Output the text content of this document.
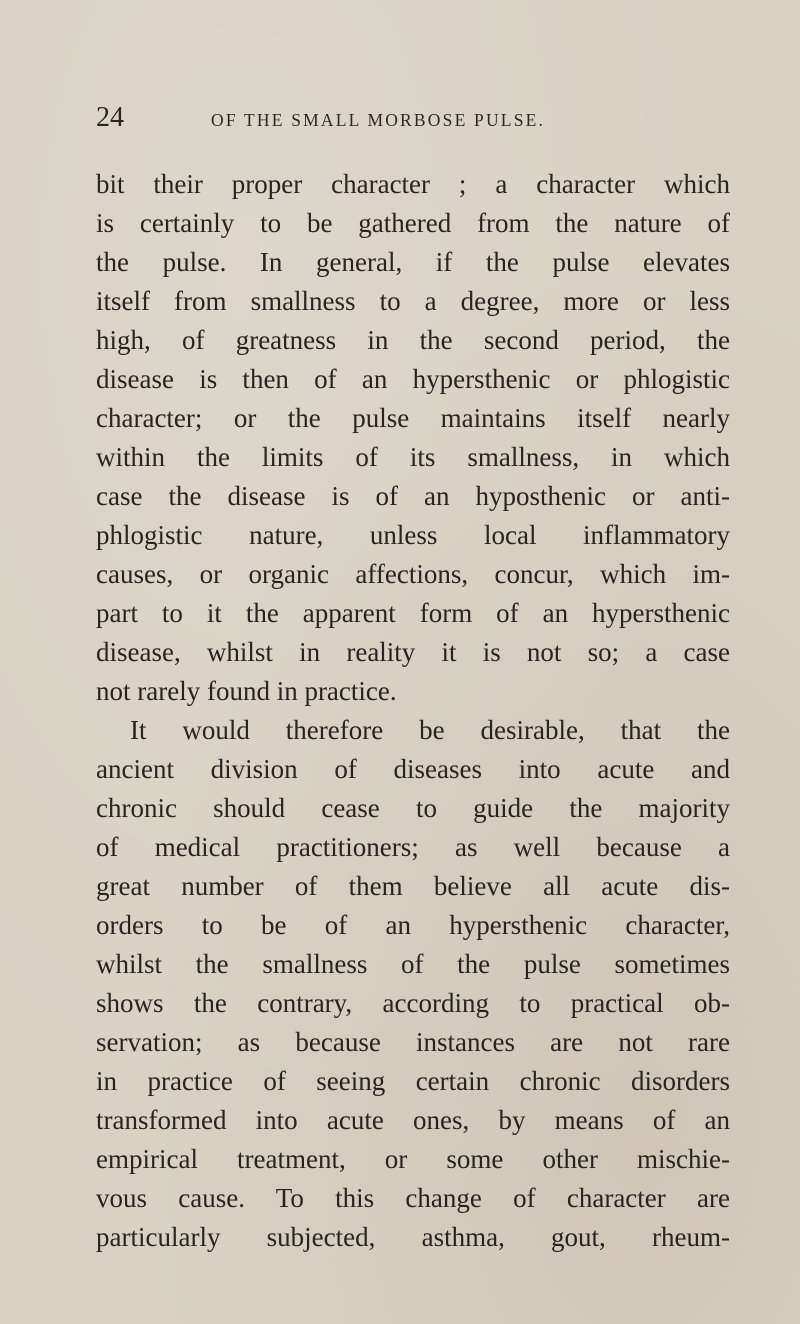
24	OF THE SMALL MORBOSE PULSE.
bit their proper character ; a character which
is certainly to be gathered from the nature of
the pulse. In general, if the pulse elevates
itself from smallness to a degree, more or less
high, of greatness in the second period, the
disease is then of an hypersthenic or phlogistic
character; or the pulse maintains itself nearly
within the limits of its smallness, in which
case the disease is of an hyposthenic or anti-
phlogistic nature, unless local inflammatory
causes, or organic affections, concur, which im-
part to it the apparent form of an hypersthenic
disease, whilst in reality it is not so; a case
not rarely found in practice.
It would therefore be desirable, that the
ancient division of diseases into acute and
chronic should cease to guide the majority
of medical practitioners; as well because a
great number of them believe all acute dis-
orders to be of an hypersthenic character,
whilst the smallness of the pulse sometimes
shows the contrary, according to practical ob-
servation; as because instances are not rare
in practice of seeing certain chronic disorders
transformed into acute ones, by means of an
empirical treatment, or some other mischie-
vous cause. To this change of character are
particularly subjected, asthma, gout, rheum-
